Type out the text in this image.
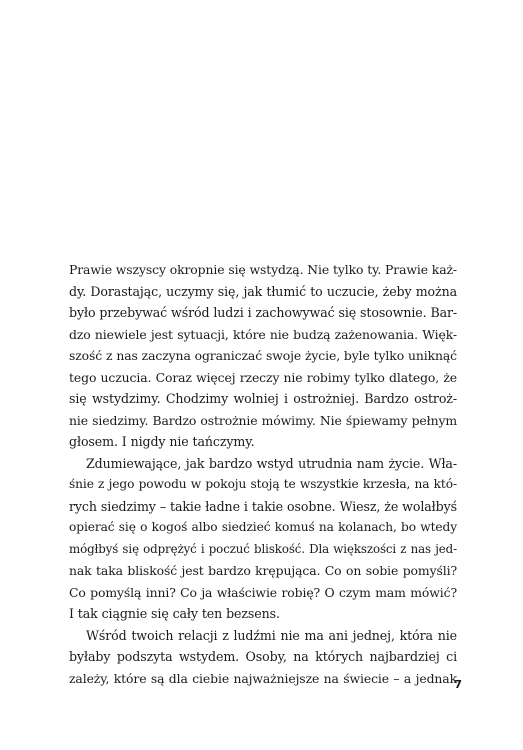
Prawie wszyscy okropnie się wstydzą. Nie tylko ty. Prawie każ-
dy. Dorastając, uczymy się, jak tłumić to uczucie, żeby można
było przebywać wśród ludzi i zachowywać się stosownie. Bar-
dzo niewiele jest sytuacji, które nie budzą zażenowania. Więk-
szość z nas zaczyna ograniczać swoje życie, byle tylko uniknąć
tego uczucia. Coraz więcej rzeczy nie robimy tylko dlatego, że
się wstydzimy. Chodzimy wolniej i ostrożniej. Bardzo ostroż-
nie siedzimy. Bardzo ostrożnie mówimy. Nie śpiewamy pełnym
głosem. I nigdy nie tańczymy.
Zdumiewające, jak bardzo wstyd utrudnia nam życie. Wła-
śnie z jego powodu w pokoju stoją te wszystkie krzesła, na któ-
rych siedzimy – takie ładne i takie osobne. Wiesz, że wolałbyś
opierać się o kogoś albo siedzieć komuś na kolanach, bo wtedy
mógłbyś się odprężyć i poczuć bliskość. Dla większości z nas jed-
nak taka bliskość jest bardzo krępująca. Co on sobie pomyśli?
Co pomyślą inni? Co ja właściwie robię? O czym mam mówić?
I tak ciągnie się cały ten bezsens.
Wśród twoich relacji z ludźmi nie ma ani jednej, która nie
byłaby podszyta wstydem. Osoby, na których najbardziej ci
zależy, które są dla ciebie najważniejsze na świecie – a jednak
7
